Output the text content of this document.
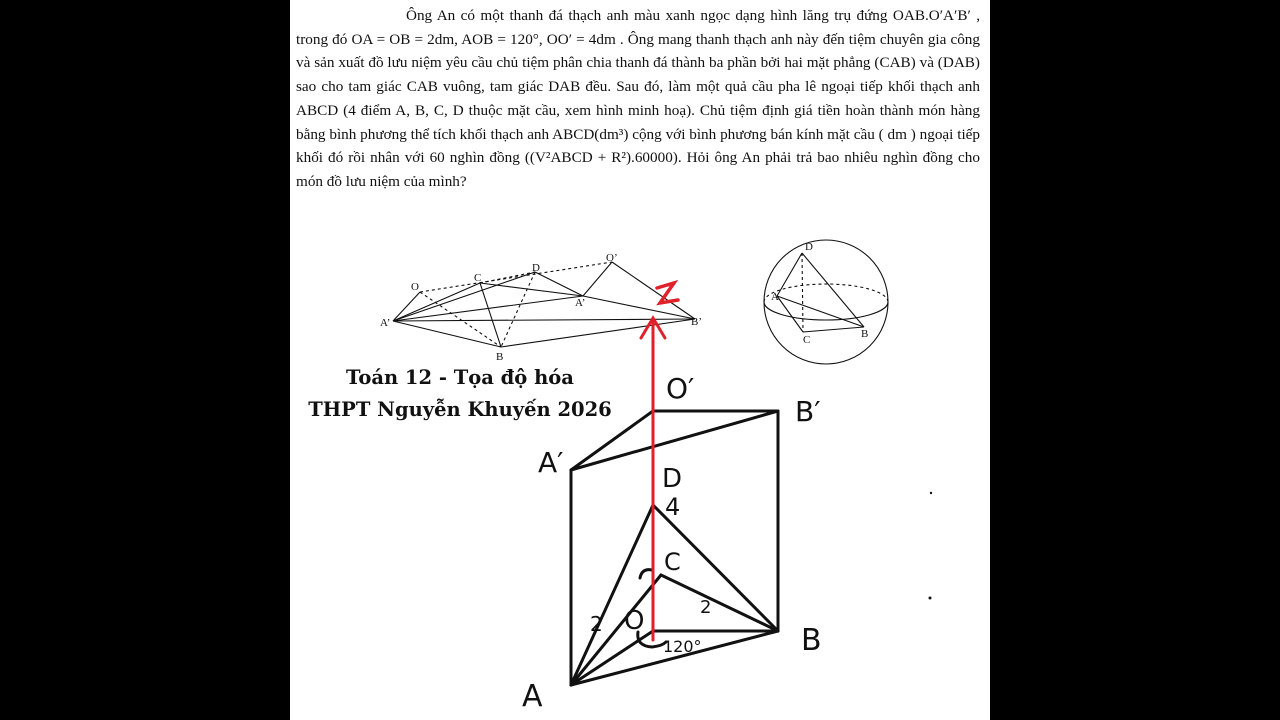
Ông An có một thanh đá thạch anh màu xanh ngọc dạng hình lăng trụ đứng OAB.O′A′B′ , trong đó OA = OB = 2dm, AOB = 120°, OO′ = 4dm . Ông mang thanh thạch anh này đến tiệm chuyên gia công và sản xuất đồ lưu niệm yêu cầu chủ tiệm phân chia thanh đá thành ba phần bởi hai mặt phẳng (CAB) và (DAB) sao cho tam giác CAB vuông, tam giác DAB đều. Sau đó, làm một quả cầu pha lê ngoại tiếp khối thạch anh ABCD (4 điểm A, B, C, D thuộc mặt cầu, xem hình minh hoạ). Chủ tiệm định giá tiền hoàn thành món hàng bằng bình phương thể tích khối thạch anh ABCD(dm³) cộng với bình phương bán kính mặt cầu ( dm ) ngoại tiếp khối đó rồi nhân với 60 nghìn đồng ((V²ABCD + R²).60000). Hỏi ông An phải trả bao nhiêu nghìn đồng cho món đồ lưu niệm của mình?

Toán 12 - Tọa độ hóa
THPT Nguyễn Khuyến 2026
O
C
D
O’
A’
A’
B
B’
D
A
C	B
O′
B′
A′	D
4
C
O
2
2
120°
A
B
